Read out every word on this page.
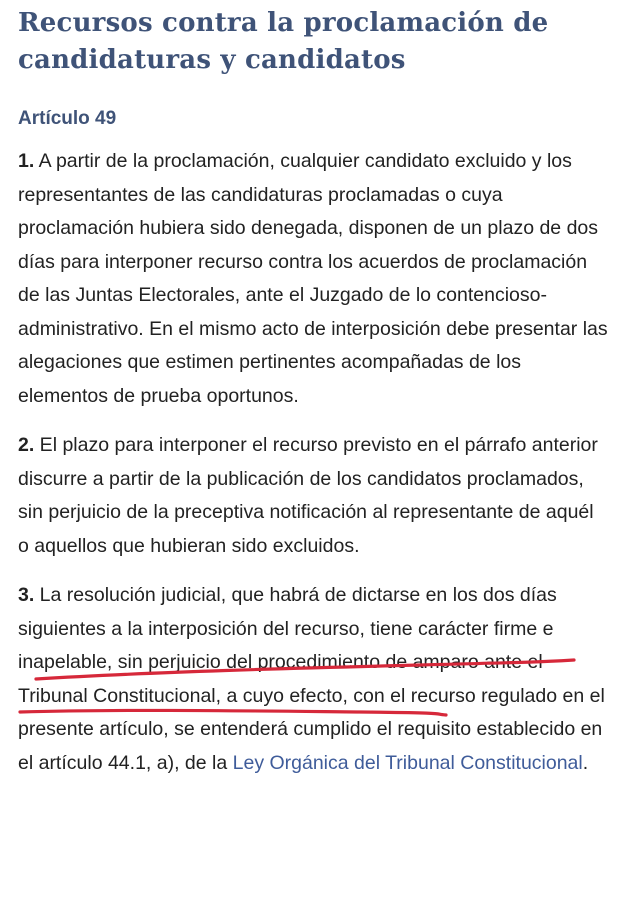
Recursos contra la proclamación de
candidaturas y candidatos
Artículo 49

1. A partir de la proclamación, cualquier candidato excluido y los representantes de las candidaturas proclamadas o cuya proclamación hubiera sido denegada, disponen de un plazo de dos días para interponer recurso contra los acuerdos de proclamación de las Juntas Electorales, ante el Juzgado de lo contencioso-administrativo. En el mismo acto de interposición debe presentar las alegaciones que estimen pertinentes acompañadas de los elementos de prueba oportunos.

2. El plazo para interponer el recurso previsto en el párrafo anterior discurre a partir de la publicación de los candidatos proclamados, sin perjuicio de la preceptiva notificación al representante de aquél o aquellos que hubieran sido excluidos.

3. La resolución judicial, que habrá de dictarse en los dos días siguientes a la interposición del recurso, tiene carácter firme e inapelable, sin perjuicio del procedimiento de amparo ante el Tribunal Constitucional, a cuyo efecto, con el recurso regulado en el presente artículo, se entenderá cumplido el requisito establecido en el artículo 44.1, a), de la Ley Orgánica del Tribunal Constitucional.
